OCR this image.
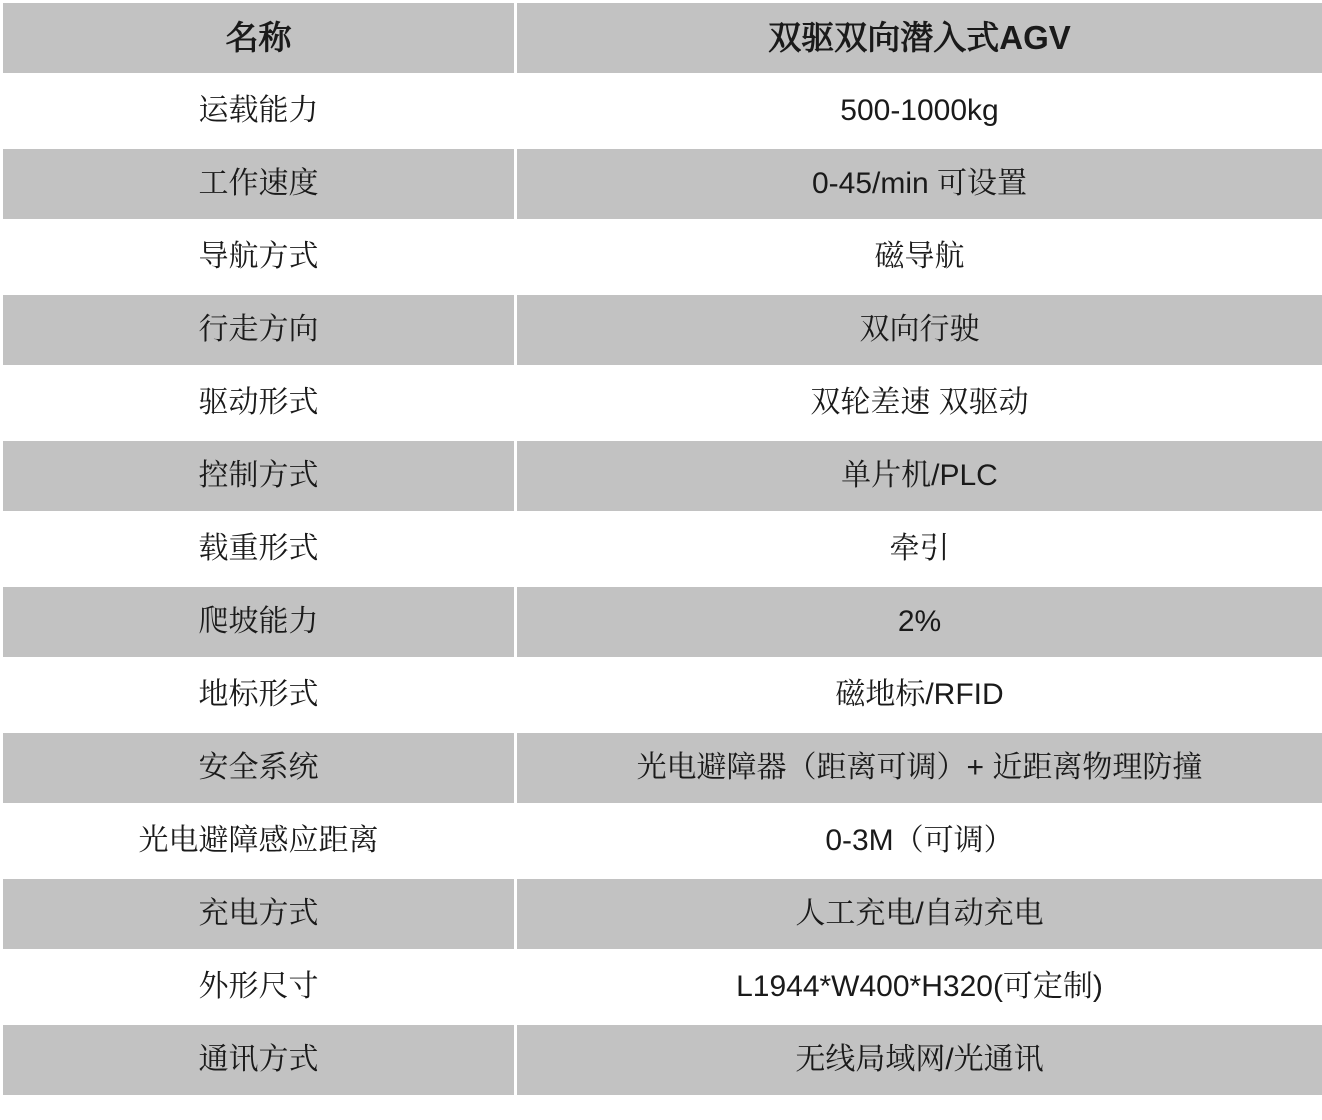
名称	双驱双向潜入式AGV
运载能力	500-1000kg
工作速度	0-45/min 可设置
导航方式	磁导航
行走方向	双向行驶
驱动形式	双轮差速 双驱动
控制方式	单片机/PLC
载重形式	牵引
爬坡能力	2%
地标形式	磁地标/RFID
安全系统	光电避障器（距离可调）+ 近距离物理防撞
光电避障感应距离	0-3M（可调）
充电方式	人工充电/自动充电
外形尺寸	L1944*W400*H320(可定制)
通讯方式	无线局域网/光通讯
